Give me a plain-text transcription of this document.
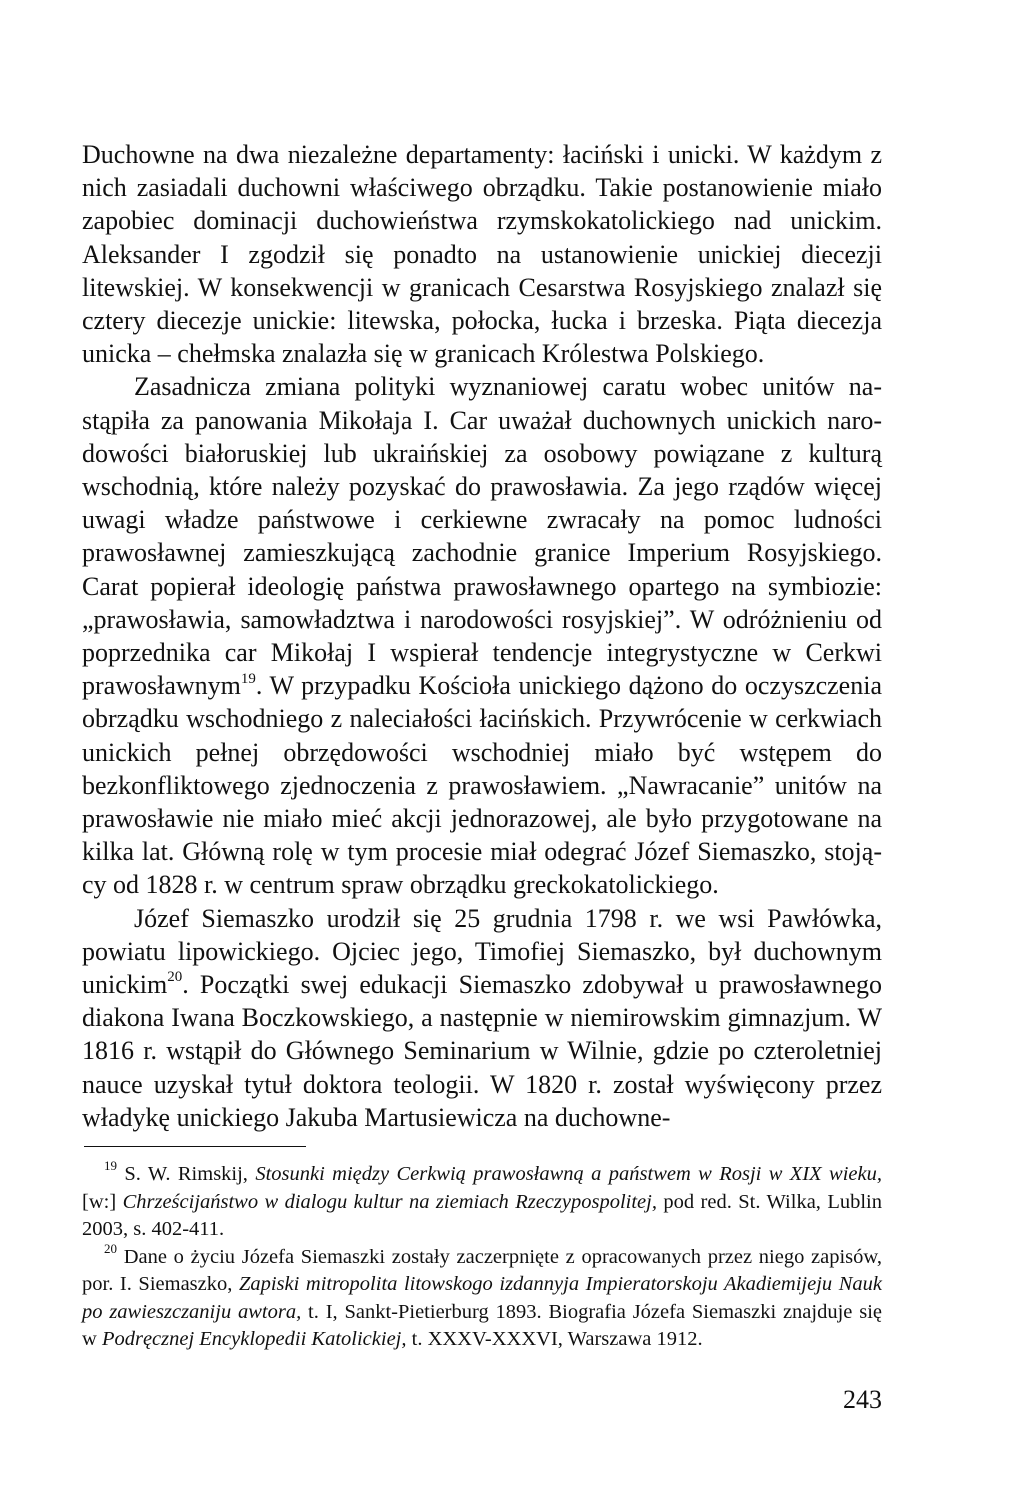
Duchowne na dwa niezależne departamenty: łaciński i unicki. W każdym z nich zasiadali duchowni właściwego obrządku. Takie postanowienie miało zapobiec dominacji duchowieństwa rzymskokatolickiego nad unickim. Aleksander I zgodził się ponadto na ustanowienie unickiej diecezji litewskiej. W konsekwencji w granicach Cesarstwa Rosyjskiego znalazł się cztery diecezje unickie: litewska, połocka, łucka i brzeska. Piąta diecezja unicka – chełmska znalazła się w granicach Królestwa Polskiego.

Zasadnicza zmiana polityki wyznaniowej caratu wobec unitów nastąpiła za panowania Mikołaja I. Car uważał duchownych unickich narodowości białoruskiej lub ukraińskiej za osobowy powiązane z kulturą wschodnią, które należy pozyskać do prawosławia. Za jego rządów więcej uwagi władze państwowe i cerkiewne zwracały na pomoc ludności prawosławnej zamieszkującą zachodnie granice Imperium Rosyjskiego. Carat popierał ideologię państwa prawosławnego opartego na symbiozie: „prawosławia, samowładztwa i narodowości rosyjskiej”. W odróżnieniu od poprzednika car Mikołaj I wspierał tendencje integrystyczne w Cerkwi prawosławnym$^{19}$. W przypadku Kościoła unickiego dążono do oczyszczenia obrządku wschodniego z naleciałości łacińskich. Przywrócenie w cerkwiach unickich pełnej obrzędowości wschodniej miało być wstępem do bezkonfliktowego zjednoczenia z prawosławiem. „Nawracanie” unitów na prawosławie nie miało mieć akcji jednorazowej, ale było przygotowane na kilka lat. Główną rolę w tym procesie miał odegrać Józef Siemaszko, stojący od 1828 r. w centrum spraw obrządku greckokatolickiego.

Józef Siemaszko urodził się 25 grudnia 1798 r. we wsi Pawłówka, powiatu lipowickiego. Ojciec jego, Timofiej Siemaszko, był duchownym unickim$^{20}$. Początki swej edukacji Siemaszko zdobywał u prawosławnego diakona Iwana Boczkowskiego, a następnie w niemirowskim gimnazjum. W 1816 r. wstąpił do Głównego Seminarium w Wilnie, gdzie po czteroletniej nauce uzyskał tytuł doktora teologii. W 1820 r. został wyświęcony przez władykę unickiego Jakuba Martusiewicza na duchowne-

$^{19}$ S. W. Rimskij, Stosunki między Cerkwią prawosławną a państwem w Rosji w XIX wieku, [w:] Chrześcijaństwo w dialogu kultur na ziemiach Rzeczypospolitej, pod red. St. Wilka, Lublin 2003, s. 402-411.

$^{20}$ Dane o życiu Józefa Siemaszki zostały zaczerpnięte z opracowanych przez niego zapisów, por. I. Siemaszko, Zapiski mitropolita litowskogo izdannyja Impieratorskoju Akadiemijeju Nauk po zawieszczaniju awtora, t. I, Sankt-Pietierburg 1893. Biografia Józefa Siemaszki znajduje się w Podręcznej Encyklopedii Katolickiej, t. XXXV-XXXVI, Warszawa 1912.

243
